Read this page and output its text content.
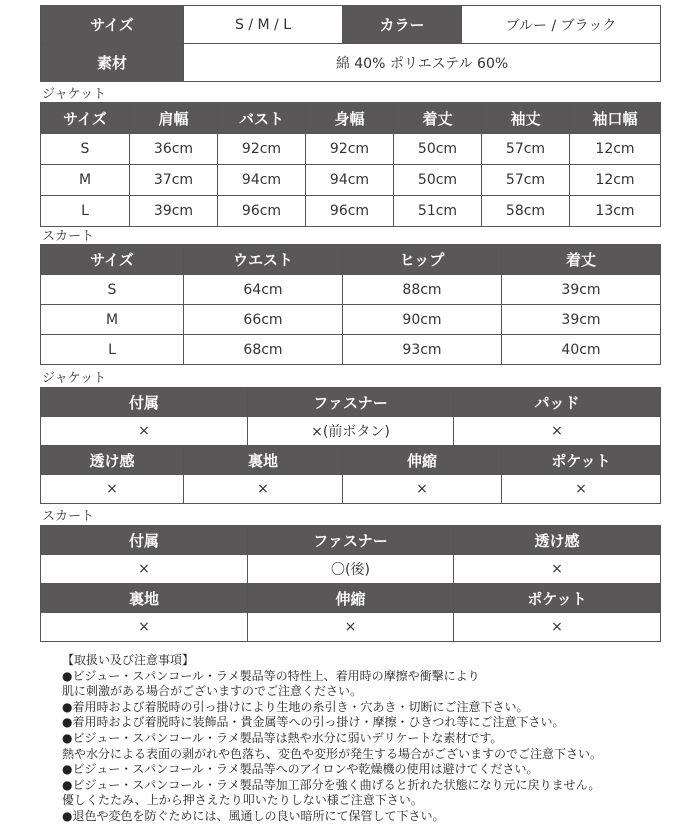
サイズ	S / M / L	カラー	ブルー / ブラック
素材	綿 40% ポリエステル 60%		
ジャケット
サイズ	肩幅	バスト	身幅	着丈	袖丈	袖口幅
S	36cm	92cm	92cm	50cm	57cm	12cm
M	37cm	94cm	94cm	50cm	57cm	12cm
L	39cm	96cm	96cm	51cm	58cm	13cm
スカート
サイズ	ウエスト	ヒップ	着丈
S	64cm	88cm	39cm
M	66cm	90cm	39cm
L	68cm	93cm	40cm
ジャケット
付属	ファスナー	パッド
×	×(前ボタン)	×
透け感	裏地	伸縮	ポケット
×	×	×	×
スカート
付属	ファスナー	透け感
×	〇(後)	×
裏地	伸縮	ポケット
×	×	×
【取扱い及び注意事項】
●ビジュー・スパンコール・ラメ製品等の特性上、着用時の摩擦や衝撃により
肌に刺激がある場合がございますのでご注意ください。
●着用時および着脱時の引っ掛けにより生地の糸引き・穴あき・切断にご注意下さい。
●着用時および着脱時に装飾品・貴金属等への引っ掛け・摩擦・ひきつれ等にご注意下さい。
●ビジュー・スパンコール・ラメ製品等は熱や水分に弱いデリケートな素材です。
熱や水分による表面の剥がれや色落ち、変色や変形が発生する場合がございますのでご注意下さい。
●ビジュー・スパンコール・ラメ製品等へのアイロンや乾燥機の使用は避けてください。
●ビジュー・スパンコール・ラメ製品等加工部分を強く曲げると折れた状態になり元に戻りません。
優しくたたみ、上から押さえたり叩いたりしない様ご注意下さい。
●退色や変色を防ぐためには、風通しの良い暗所にて保管して下さい。
